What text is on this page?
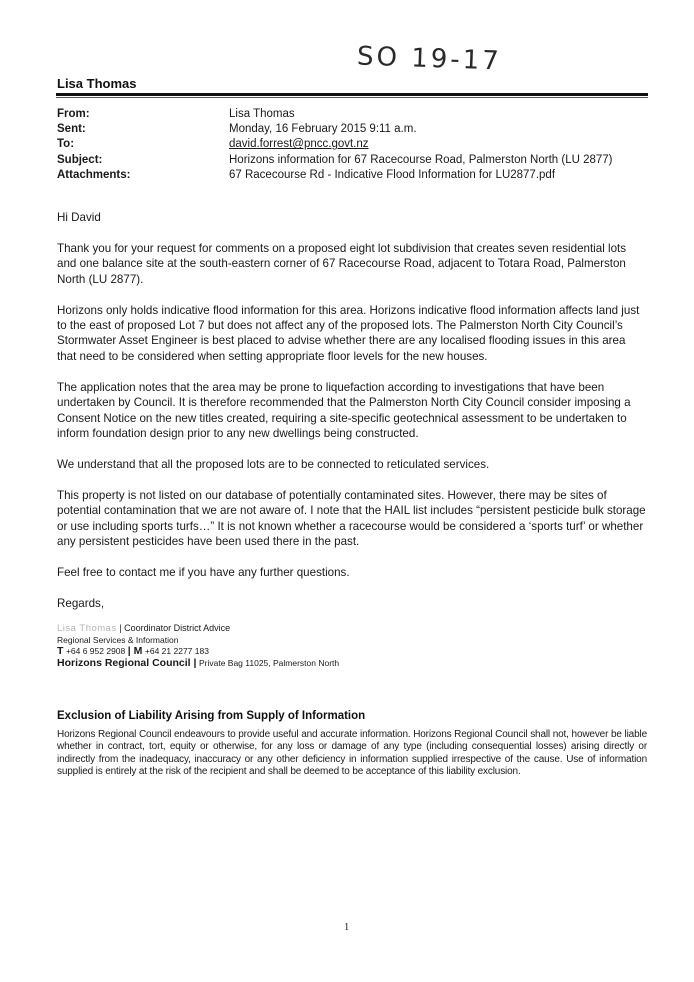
SO 19-17
Lisa Thomas
From:	Lisa Thomas
Sent:	Monday, 16 February 2015 9:11 a.m.
To:	david.forrest@pncc.govt.nz
Subject:	Horizons information for 67 Racecourse Road, Palmerston North (LU 2877)
Attachments:	67 Racecourse Rd - Indicative Flood Information for LU2877.pdf

Hi David

Thank you for your request for comments on a proposed eight lot subdivision that creates seven residential lots and one balance site at the south-eastern corner of 67 Racecourse Road, adjacent to Totara Road, Palmerston North (LU 2877).

Horizons only holds indicative flood information for this area. Horizons indicative flood information affects land just to the east of proposed Lot 7 but does not affect any of the proposed lots. The Palmerston North City Council’s Stormwater Asset Engineer is best placed to advise whether there are any localised flooding issues in this area that need to be considered when setting appropriate floor levels for the new houses.

The application notes that the area may be prone to liquefaction according to investigations that have been undertaken by Council. It is therefore recommended that the Palmerston North City Council consider imposing a Consent Notice on the new titles created, requiring a site-specific geotechnical assessment to be undertaken to inform foundation design prior to any new dwellings being constructed.

We understand that all the proposed lots are to be connected to reticulated services.

This property is not listed on our database of potentially contaminated sites. However, there may be sites of potential contamination that we are not aware of. I note that the HAIL list includes “persistent pesticide bulk storage or use including sports turfs…” It is not known whether a racecourse would be considered a ‘sports turf’ or whether any persistent pesticides have been used there in the past.

Feel free to contact me if you have any further questions.

Regards,

Lisa Thomas | Coordinator District Advice
Regional Services & Information
T +64 6 952 2908 | M +64 21 2277 183
Horizons Regional Council | Private Bag 11025, Palmerston North
Exclusion of Liability Arising from Supply of Information
Horizons Regional Council endeavours to provide useful and accurate information. Horizons Regional Council shall not, however be liable whether in contract, tort, equity or otherwise, for any loss or damage of any type (including consequential losses) arising directly or indirectly from the inadequacy, inaccuracy or any other deficiency in information supplied irrespective of the cause. Use of information supplied is entirely at the risk of the recipient and shall be deemed to be acceptance of this liability exclusion.
1
